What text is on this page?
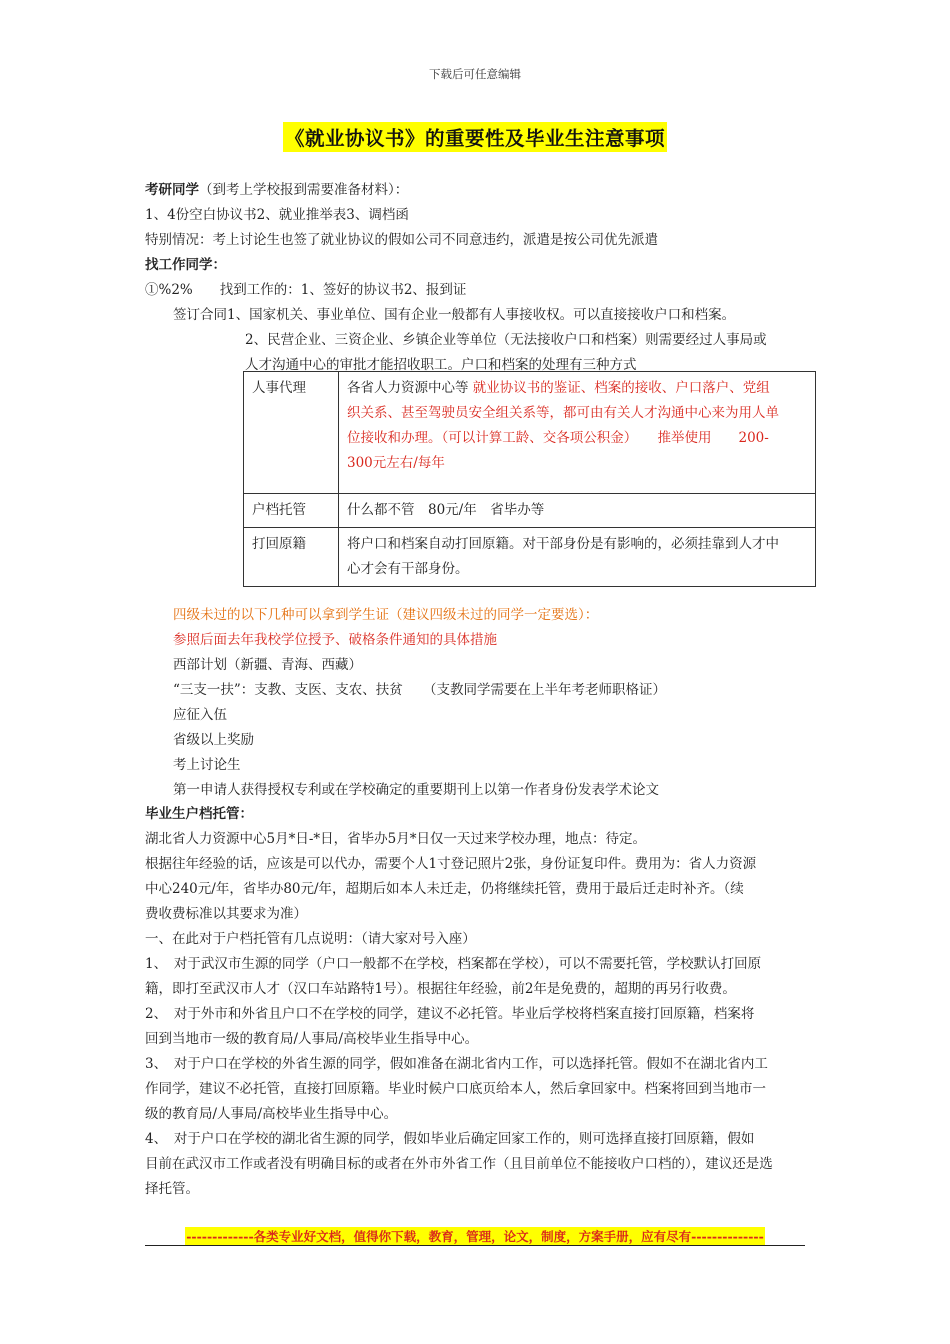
下载后可任意编辑
《就业协议书》的重要性及毕业生注意事项
考研同学（到考上学校报到需要准备材料）：
1、4份空白协议书2、就业推举表3、调档函
特别情况：考上讨论生也签了就业协议的假如公司不同意违约，派遣是按公司优先派遣
找工作同学：
①%2%　　找到工作的：1、签好的协议书2、报到证
签订合同1、国家机关、事业单位、国有企业一般都有人事接收权。可以直接接收户口和档案。
2、民营企业、三资企业、乡镇企业等单位（无法接收户口和档案）则需要经过人事局或
人才沟通中心的审批才能招收职工。户口和档案的处理有三种方式
人事代理	各省人力资源中心等 就业协议书的鉴证、档案的接收、户口落户、党组
织关系、甚至驾驶员安全组关系等，都可由有关人才沟通中心来为用人单
位接收和办理。（可以计算工龄、交各项公积金）　　推举使用　　200-
300元左右/每年

户档托管	什么都不管　80元/年　省毕办等
打回原籍	将户口和档案自动打回原籍。对干部身份是有影响的，必须挂靠到人才中
心才会有干部身份。
四级未过的以下几种可以拿到学生证（建议四级未过的同学一定要选）：
参照后面去年我校学位授予、破格条件通知的具体措施
西部计划（新疆、青海、西藏）
“三支一扶”：支教、支医、支农、扶贫　　（支教同学需要在上半年考老师职格证）
应征入伍
省级以上奖励
考上讨论生
第一申请人获得授权专利或在学校确定的重要期刊上以第一作者身份发表学术论文
毕业生户档托管：
湖北省人力资源中心5月*日-*日，省毕办5月*日仅一天过来学校办理，地点：待定。
根据往年经验的话，应该是可以代办，需要个人1寸登记照片2张，身份证复印件。费用为：省人力资源
中心240元/年，省毕办80元/年，超期后如本人未迁走，仍将继续托管，费用于最后迁走时补齐。（续
费收费标准以其要求为准）
一、在此对于户档托管有几点说明：（请大家对号入座）
1、　对于武汉市生源的同学（户口一般都不在学校，档案都在学校），可以不需要托管，学校默认打回原
籍，即打至武汉市人才（汉口车站路特1号）。根据往年经验，前2年是免费的，超期的再另行收费。
2、　对于外市和外省且户口不在学校的同学，建议不必托管。毕业后学校将档案直接打回原籍，档案将
回到当地市一级的教育局/人事局/高校毕业生指导中心。
3、　对于户口在学校的外省生源的同学，假如准备在湖北省内工作，可以选择托管。假如不在湖北省内工
作同学，建议不必托管，直接打回原籍。毕业时候户口底页给本人，然后拿回家中。档案将回到当地市一
级的教育局/人事局/高校毕业生指导中心。
4、　对于户口在学校的湖北省生源的同学，假如毕业后确定回家工作的，则可选择直接打回原籍，假如
目前在武汉市工作或者没有明确目标的或者在外市外省工作（且目前单位不能接收户口档的），建议还是选
择托管。
-------------各类专业好文档，值得你下载，教育，管理，论文，制度，方案手册，应有尽有--------------
